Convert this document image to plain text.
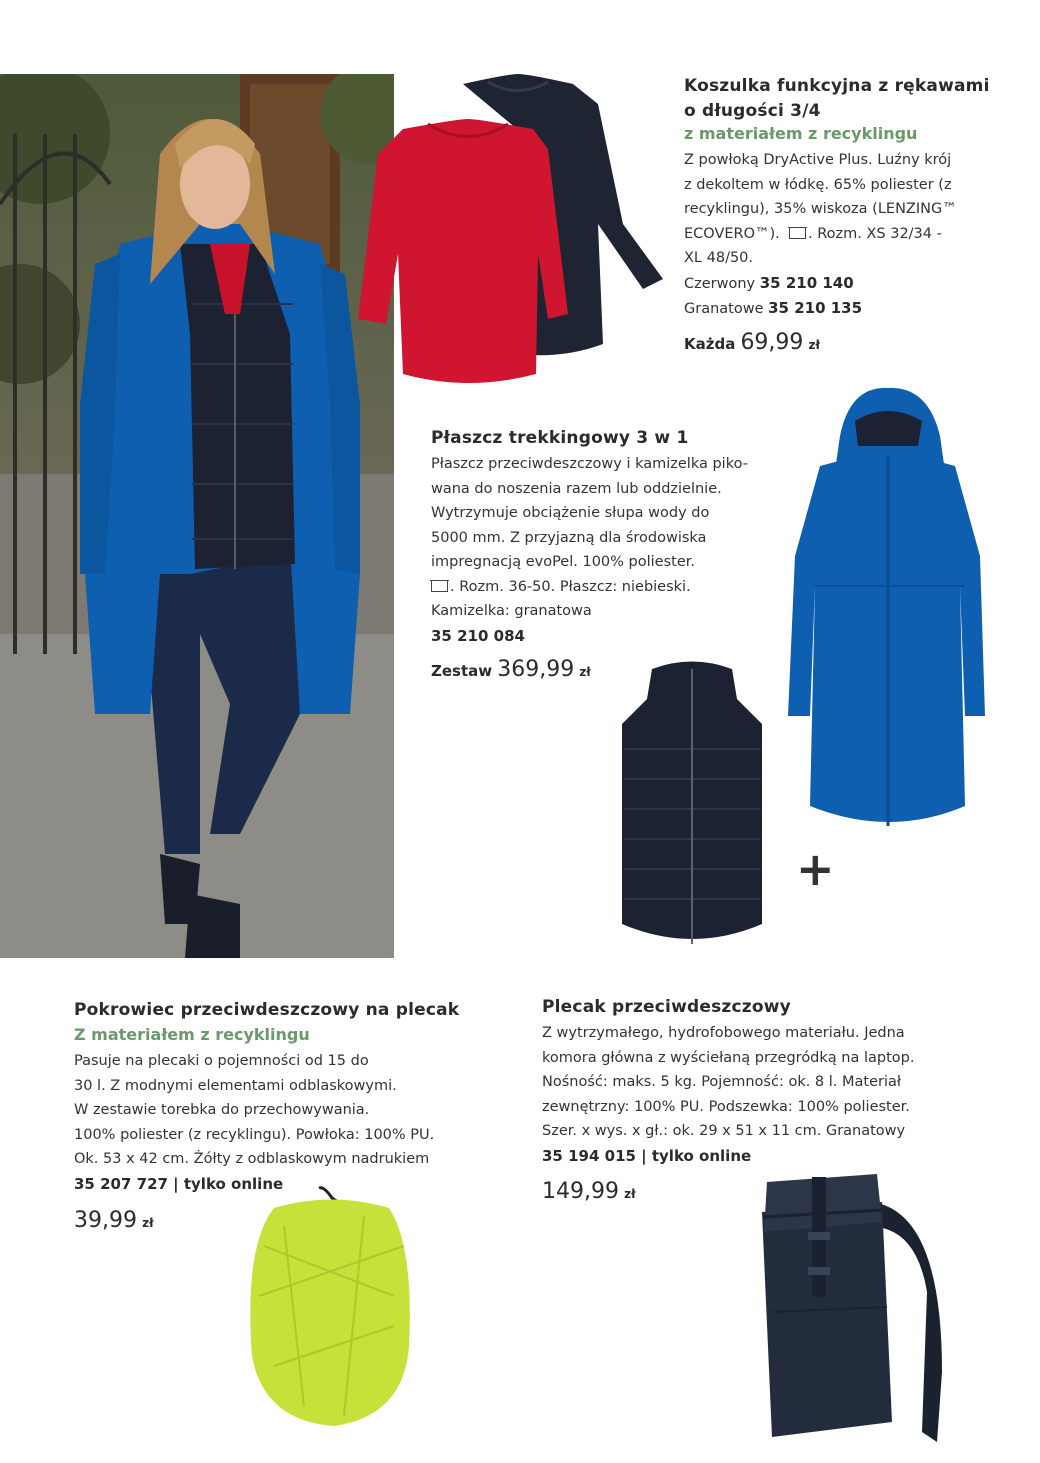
Koszulka funkcyjna z rękawami
o długości 3/4
z materiałem z recyklingu
Z powłoką DryActive Plus. Luźny krój
z dekoltem w łódkę. 65% poliester (z
recyklingu), 35% wiskoza (LENZING™
ECOVERO™). . Rozm. XS 32/34 -
XL 48/50.
Czerwony 35 210 140
Granatowe 35 210 135
Każda 69,99 zł
Płaszcz trekkingowy 3 w 1
Płaszcz przeciwdeszczowy i kamizelka piko-
wana do noszenia razem lub oddzielnie.
Wytrzymuje obciążenie słupa wody do
5000 mm. Z przyjazną dla środowiska
impregnacją evoPel. 100% poliester.
. Rozm. 36-50. Płaszcz: niebieski.
Kamizelka: granatowa
35 210 084
Zestaw 369,99 zł
+
Pokrowiec przeciwdeszczowy na plecak
Z materiałem z recyklingu
Pasuje na plecaki o pojemności od 15 do
30 l. Z modnymi elementami odblaskowymi.
W zestawie torebka do przechowywania.
100% poliester (z recyklingu). Powłoka: 100% PU.
Ok. 53 x 42 cm. Żółty z odblaskowym nadrukiem
35 207 727 | tylko online
39,99 zł
Plecak przeciwdeszczowy
Z wytrzymałego, hydrofobowego materiału. Jedna
komora główna z wyściełaną przegródką na laptop.
Nośność: maks. 5 kg. Pojemność: ok. 8 l. Materiał
zewnętrzny: 100% PU. Podszewka: 100% poliester.
Szer. x wys. x gł.: ok. 29 x 51 x 11 cm. Granatowy
35 194 015 | tylko online
149,99 zł
